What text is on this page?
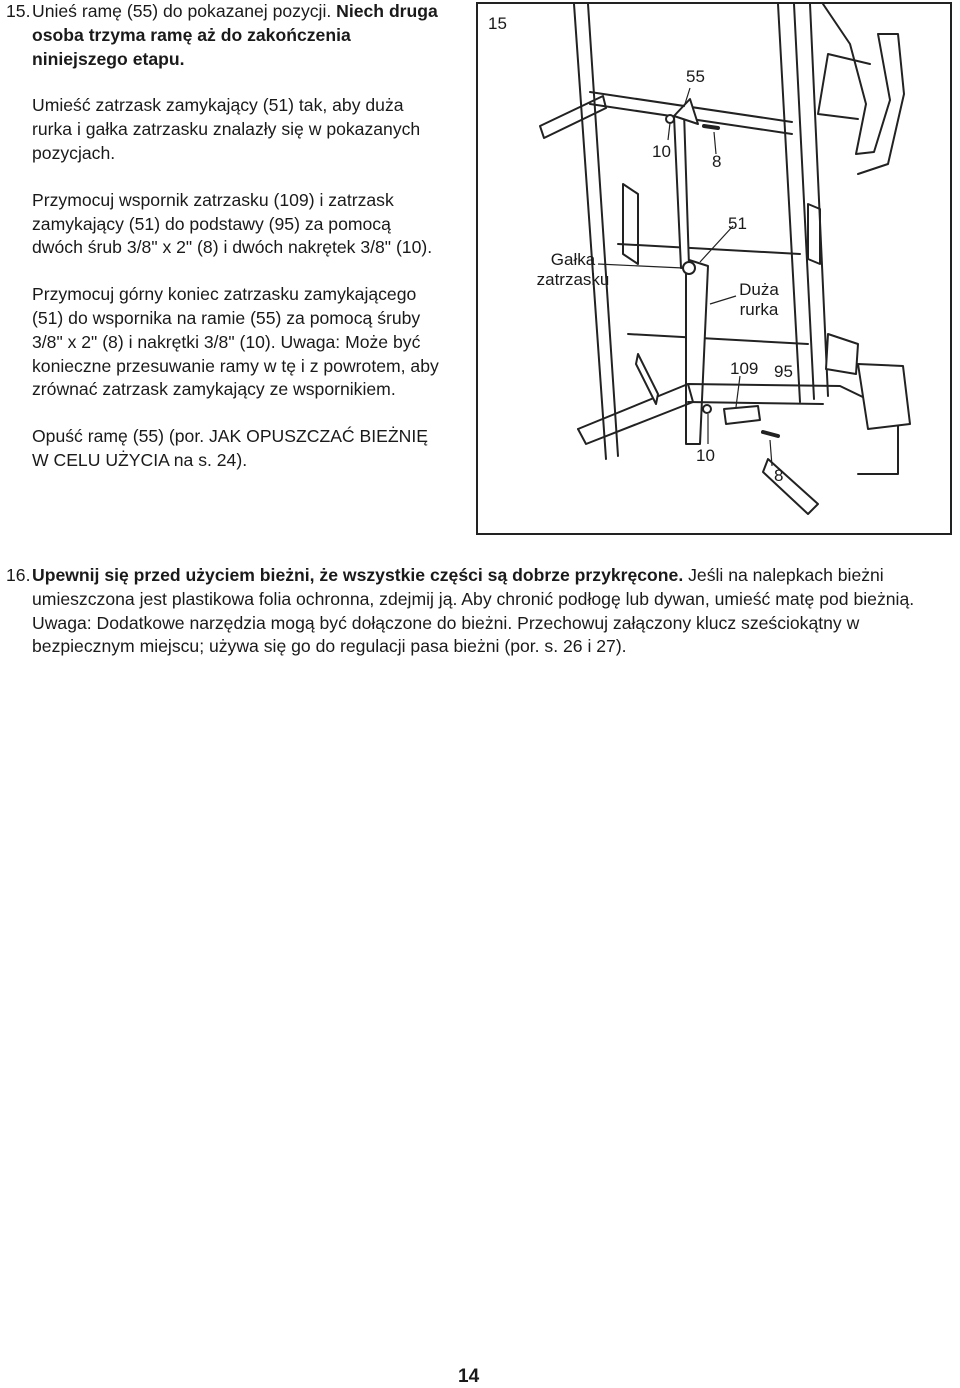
15.Unieś ramę (55) do pokazanej pozycji. Niech druga osoba trzyma ramę aż do zakończenia niniejszego etapu.

Umieść zatrzask zamykający (51) tak, aby duża rurka i gałka zatrzasku znalazły się w pokazanych pozycjach.

Przymocuj wspornik zatrzasku (109) i zatrzask zamykający (51) do podstawy (95) za pomocą dwóch śrub 3/8" x 2" (8) i dwóch nakrętek 3/8" (10).

Przymocuj górny koniec zatrzasku zamykającego (51) do wspornika na ramie (55) za pomocą śruby 3/8" x 2" (8) i nakrętki 3/8" (10). Uwaga: Może być konieczne przesuwanie ramy w tę i z powrotem, aby zrównać zatrzask zamykający ze wspornikiem.

Opuść ramę (55) (por. JAK OPUSZCZAĆ BIEŻNIĘ W CELU UŻYCIA na s. 24).

15
55
10
8
51
Gałka
zatrzasku
Duża
rurka
109 95
10
8

16.Upewnij się przed użyciem bieżni, że wszystkie części są dobrze przykręcone. Jeśli na nalepkach bieżni umieszczona jest plastikowa folia ochronna, zdejmij ją. Aby chronić podłogę lub dywan, umieść matę pod bieżnią. Uwaga: Dodatkowe narzędzia mogą być dołączone do bieżni. Przechowuj załączony klucz sześciokątny w bezpiecznym miejscu; używa się go do regulacji pasa bieżni (por. s. 26 i 27).

14
